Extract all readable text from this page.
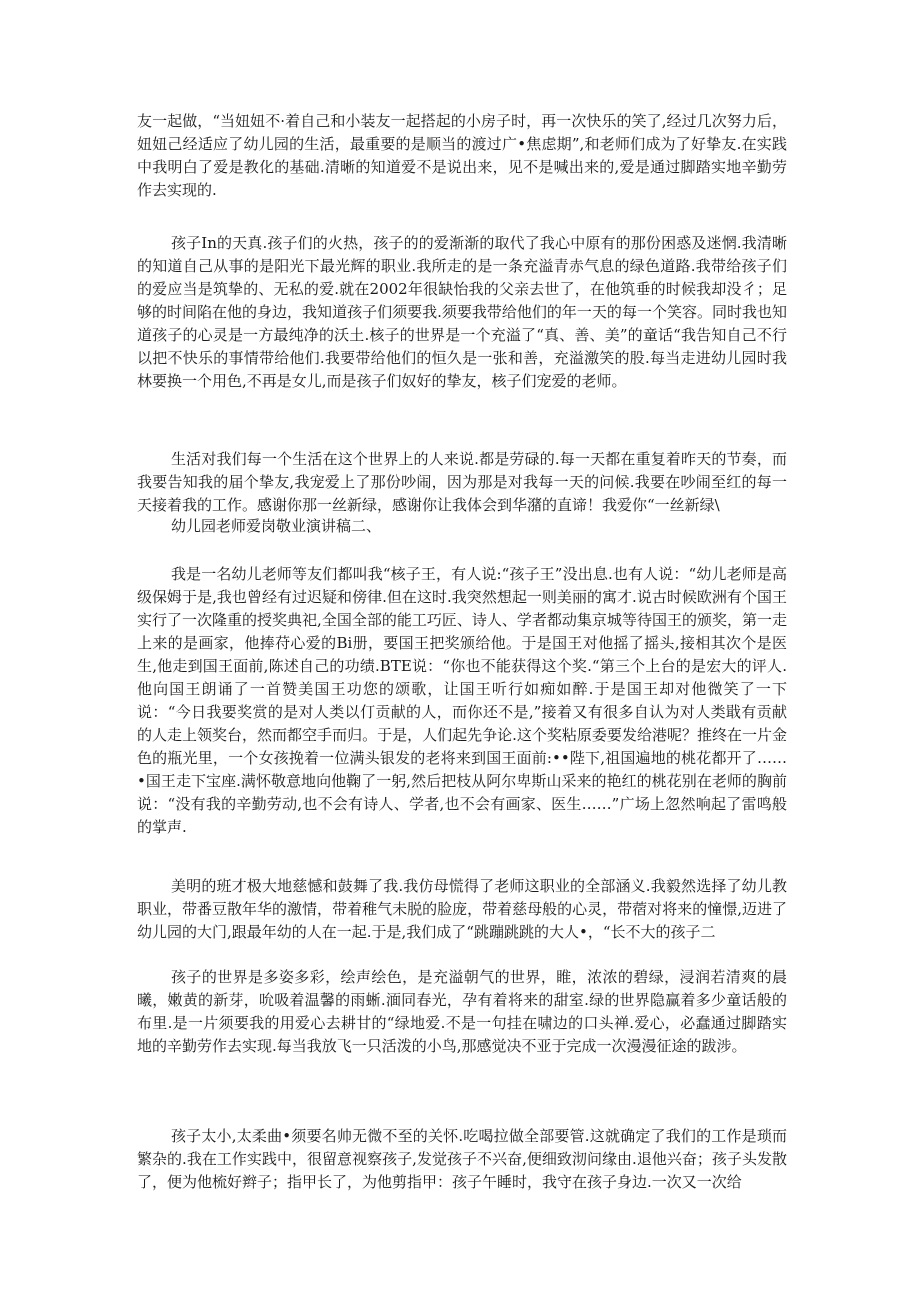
友一起做，“当妞妞不·着自己和小装友一起搭起的小房子时，再一次快乐的笑了,经过几次努力后，妞妞己经适应了幼儿园的生活，最重要的是顺当的渡过广•焦虑期”,和老师们成为了好挚友.在实践中我明白了爱是教化的基础.清晰的知道爱不是说出来，见不是喊出来的,爱是通过脚踏实地辛勤劳作去实现的.

孩子In的天真.孩子们的火热，孩子的的爱渐渐的取代了我心中原有的那份困惑及迷惘.我清晰的知道自己从事的是阳光下最光辉的职业.我所走的是一条充溢青赤气息的绿色道路.我带给孩子们的爱应当是筑挚的、无私的爱.就在2002年很缺怡我的父亲去世了，在他筑垂的时候我却没彳；足够的时间陷在他的身边，我知道孩子们须要我.须要我带给他们的年一天的每一个笑容。同时我也知道孩子的心灵是一方最纯净的沃土.核子的世界是一个充溢了“真、善、美”的童话“我告知自己不行以把不快乐的事情带给他们.我要带给他们的恒久是一张和善，充溢激笑的股.每当走进幼儿园时我林要换一个用色,不再是女儿,而是孩子们奴好的挚友，核子们宠爱的老师。

生活对我们每一个生活在这个世界上的人来说.都是劳碌的.每一天都在重复着昨天的节奏，而我要告知我的届个挚友,我宠爱上了那份吵闹，因为那是对我每一天的问候.我要在吵闹至红的每一天接着我的工作。感谢你那一丝新绿，感谢你让我体会到华潴的直谛！我爱你“一丝新绿\

幼儿园老师爱岗敬业演讲稿二、

我是一名幼儿老师等友们都叫我“核子王，有人说:“孩子王”没出息.也有人说：“幼儿老师是高级保姆于是,我也曾经有过迟疑和傍律.但在这时.我突然想起一则美丽的寓才.说古时候欧洲有个国王实行了一次隆重的授奖典祀,全国全部的能工巧匠、诗人、学者都动集京城等待国王的颁奖，第一走上来的是画家，他捧苻心爱的Bi册，要国王把奖颁给他。于是国王对他摇了摇头,接相其次个是医生,他走到国王面前,陈述自己的功绩.BTE说：“你也不能获得这个奖.“第三个上台的是宏大的评人.他向国王朗诵了一首赞美国王功您的颂歌，让国王听行如痴如醉.于是国王却对他微笑了一下说：“今日我要奖赏的是对人类以仃贡献的人，而你还不是,”接着又有很多自认为对人类戢有贡献的人走上领奖台，然而都空手而归。于是，人们起先争论.这个奖粘原委要发给港呢？推终在一片金色的瓶光里，一个女孩挽着一位满头银发的老将来到国王面前:••陛下,祖国遍地的桃花都开了……•国王走下宝座.满怀敬意地向他鞠了一躬,然后把枝从阿尔卑斯山采来的艳红的桃花别在老师的胸前说：“没有我的辛勤劳动,也不会有诗人、学者,也不会有画家、医生……”广场上忽然响起了雷鸣般的掌声.

美明的班才极大地慈憾和鼓舞了我.我仿母慌得了老师这职业的全部涵义.我毅然选择了幼儿教职业，带番豆散年华的激情，带着稚气未脱的脸庞，带着慈母般的心灵，带蓿对将来的憧憬,迈进了幼儿园的大门,跟最年幼的人在一起.于是,我们成了“跳蹦跳跳的大人•，“长不大的孩子二

孩子的世界是多姿多彩，绘声绘色，是充溢朝气的世界，睢，浓浓的碧绿，浸润若清爽的晨曦，嫩黄的新芽，吮吸着温馨的雨蜥.湎同春光，孕有着将来的甜室.绿的世界隐赢着多少童话般的布里.是一片须要我的用爱心去耕甘的“绿地爱.不是一句挂在啸边的口头禅.爱心，必蠢通过脚踏实地的辛勤劳作去实现.每当我放飞一只活泼的小鸟,那感觉决不亚于完成一次漫漫征途的跋涉。

孩子太小,太柔曲•须要名帅无微不至的关怀.吃喝拉做全部要管.这就确定了我们的工作是琐而繁杂的.我在工作实践中，很留意视察孩子,发觉孩子不兴奋,便细致沏问缘由.退他兴奋；孩子头发散了，便为他梳好辫子；指甲长了，为他剪指甲：孩子午睡时，我守在孩子身边.一次又一次给
